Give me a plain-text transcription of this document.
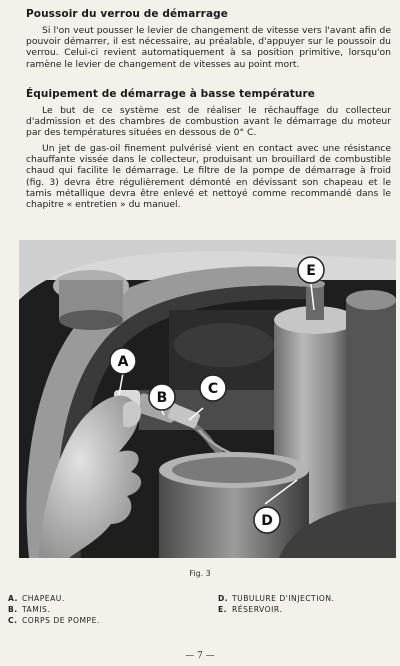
Poussoir du verrou de démarrage

Si l'on veut pousser le levier de changement de vitesse vers l'avant afin de pouvoir démarrer, il est nécessaire, au préalable, d'appuyer sur le poussoir du verrou. Celui-ci revient automatiquement à sa position primitive, lorsqu'on ramène le levier de changement de vitesses au point mort.

Équipement de démarrage à basse température

Le but de ce système est de réaliser le réchauffage du collecteur d'admission et des chambres de combustion avant le démarrage du moteur par des températures situées en dessous de 0° C.

Un jet de gas-oil finement pulvérisé vient en contact avec une résistance chauffante vissée dans le collecteur, produisant un brouillard de combustible chaud qui facilite le démarrage. Le filtre de la pompe de démarrage à froid (fig. 3) devra être régulièrement démonté en dévissant son chapeau et le tamis métallique devra être enlevé et nettoyé comme recommandé dans le chapitre « entretien » du manuel.

A
B
C
D
E
Fig. 3
A. CHAPEAU.
B. TAMIS.
C. CORPS DE POMPE.
D. TUBULURE D'INJECTION.
E. RÉSERVOIR.
— 7 —
